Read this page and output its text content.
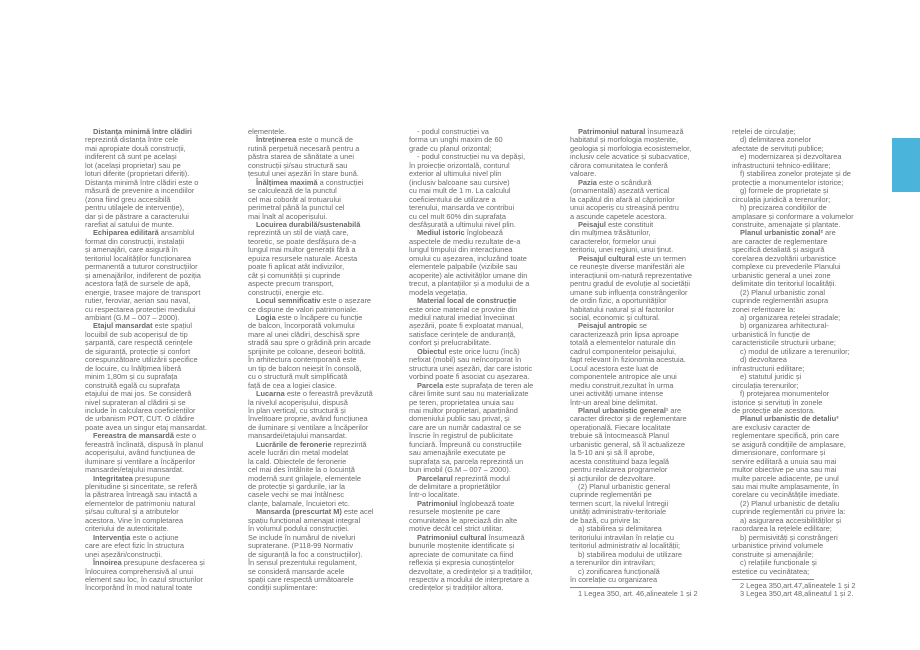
67
Distanța minimă între clădiri
reprezintă distanța între cele
mai apropiate două construcții,
indiferent că sunt pe același
lot (același proprietar) sau pe
loturi diferite (proprietari diferiți).
Distanța minimă între clădiri este o
măsură de prevenire a incendiilor
(zona fiind greu accesibilă
pentru utilajele de intervenție),
dar și de păstrare a caracterului
rarefiat al satului de munte.
Echiparea edilitară ansamblul
format din construcții, instalații
și amenajări, care asigură în
teritoriul localităților funcționarea
permanentă a tuturor construcțiilor
și amenajărilor, indiferent de poziția
acestora față de sursele de apă,
energie, trasee majore de transport
rutier, feroviar, aerian sau naval,
cu respectarea protecției mediului
ambiant (G.M – 007 – 2000).
Etajul mansardat este spațiul
locuibil de sub acoperișul de tip
șarpantă, care respectă cerințele
de siguranță, protecție și confort
corespunzătoare utilizării specifice
de locuire, cu înălțimea liberă
minim 1,80m și cu suprafața
construită egală cu suprafața
etajului de mai jos. Se consideră
nivel suprateran al clădirii și se
include în calcularea coeficienților
de urbanism POT, CUT. O clădire
poate avea un singur etaj mansardat.
Fereastra de mansardă este o
fereastră înclinată, dispusă în planul
acoperișului, având funcțiunea de
iluminare și ventilare a încăperilor
mansardei/etajului mansardat.
Integritatea presupune
plenitudine și sinceritate, se referă
la păstrarea întreagă sau intactă a
elementelor de patrimoniu natural
și/sau cultural și a atributelor
acestora. Vine în completarea
criteriului de autenticitate.
Intervenția este o acțiune
care are efect fizic în structura
unei așezări/construcții.
Înnoirea presupune desfacerea și
înlocuirea comprehensivă al unui
element sau loc, în cazul structurilor
încorporând în mod natural toate
elementele.
Întreținerea este o muncă de
rutină perpetuă necesară pentru a
păstra starea de sănătate a unei
construcții și/sau structură sau
țesutul unei așezări în stare bună.
Înălțimea maximă a construcției
se calculează de la punctul
cel mai coborât al trotuarului
perimetral până la punctul cel
mai înalt al acoperișului.
Locuirea durabilă/sustenabilă
reprezintă un stil de viață care,
teoretic, se poate desfășura de-a
lungul mai multor generații fără a
epuiza resursele naturale. Acesta
poate fi aplicat atât indivizilor,
cât și comunității și cuprinde
aspecte precum transport,
construcții, energie etc.
Locul semnificativ este o așezare
ce dispune de valori patrimoniale.
Logia este o încăpere cu funcție
de balcon, încorporată volumului
mare al unei clădiri, deschisă spre
stradă sau spre o grădină prin arcade
sprijinite pe coloane, deseori boltită.
În arhitectura contemporană este
un tip de balcon neieșit în consolă,
cu o structură mult simplificată
față de cea a logiei clasice.
Lucarna este o fereastră prevăzută
la nivelul acoperișului, dispusă
în plan vertical, cu structură și
învelitoare proprie, având funcțiunea
de iluminare și ventilare a încăperilor
mansardei/etajului mansardat.
Lucrările de feronerie reprezintă
acele lucrări din metal modelat
la cald. Obiectele de feronerie
cel mai des întâlnite la o locuință
modernă sunt grilajele, elementele
de protecție și gardurile, iar la
casele vechi se mai întâlnesc
clanțe, balamale, încuietori etc.
Mansarda (prescurtat M) este acel
spațiu funcțional amenajat integral
în volumul podului construcției.
Se include în numărul de niveluri
supraterane. (P118-99 Normativ
de siguranță la foc a construcțiilor).
În sensul prezentului regulament,
se consideră mansarde acele
spații care respectă următoarele
condiții suplimentare:
- podul construcției va
forma un unghi maxim de 60
grade cu planul orizontal;
- podul construcției nu va depăși,
în proiecție orizontală, conturul
exterior al ultimului nivel plin
(inclusiv balcoane sau cursive)
cu mai mult de 1 m. La calculul
coeficientului de utilizare a
terenului, mansarda ve contribui
cu cel mult 60% din suprafața
desfășurată a ultimului nivel plin.
Mediul istoric înglobează
aspectele de mediu rezultate de-a
lungul timpului din interacțiunea
omului cu așezarea, incluzând toate
elementele palpabile (vizibile sau
acoperite) ale activităților umane din
trecut, a plantațiilor și a modului de a
modela vegetația.
Material local de construcție
este orice material ce provine din
mediul natural imediat înveciinat
așezării, poate fi exploatat manual,
satisface cerințele de anduranță,
confort și prelucrabilitate.
Obiectul este orice lucru (încă)
nefixat (mobil) sau neîncorporat în
structura unei așezări, dar care istoric
vorbind poate fi asociat cu așezarea.
Parcela este suprafața de teren ale
cărei limite sunt sau nu materializate
pe teren, proprietatea unuia sau
mai multor proprietari, aparținând
domeniului public sau privat, și
care are un număr cadastral ce se
înscrie în registrul de publicitate
funciară. Împreună cu construcțiile
sau amenajările executate pe
suprafața sa, parcela reprezintă un
bun imobil (G.M – 007 – 2000).
Parcelarul reprezintă modul
de delimitare a proprietăților
într-o localitate.
Patrimoniul înglobează toate
resursele moștenite pe care
comunitatea le apreciază din alte
motive decât cel strict utilitar.
Patrimoniul cultural însumează
bunurile moștenite identificate și
apreciate de comunitate ca fiind
reflexia și expresia cunoștințelor
dezvoltate, a credințelor și a tradițiilor,
respectiv a modului de interpretare a
credințelor și tradițiilor altora.
Patrimoniul natural însumează
habitatul și morfologia moștenite,
geologia și morfologia ecosistemelor,
inclusiv cele acvatice și subacvatice,
cărora comunitatea le conferă
valoare.
Pazia este o scândură
(ornamentală) așezată vertical
la capătul din afară al căpriorilor
unui acoperiș cu streașină pentru
a ascunde capetele acestora.
Peisajul este constituit
din mulțimea trăsăturilor,
caracterelor, formelor unui
teritoriu, unei regiuni, unui ținut.
Peisajul cultural este un termen
ce reunește diverse manifestări ale
interacțiunii om-natură reprezentative
pentru gradul de evoluție al societății
umane sub influența constrângerilor
de ordin fizic, a oportunităților
habitatului natural și al factorilor
social, economic și cultural.
Peisajul antropic se
caracterizează prin lipsa aproape
totală a elementelor naturale din
cadrul componentelor peisajului,
fapt relevant în fizionomia acestuia.
Locul acestora este luat de
componentele antropice ale unui
mediu construit,rezultat în urma
unei activități umane intense
într-un areal bine delimitat.
Planul urbanistic general¹ are
caracter director și de reglementare
operațională. Fiecare localitate
trebuie să întocmească Planul
urbanistic general, să îl actualizeze
la 5-10 ani și să îl aprobe,
acesta constituind baza legală
pentru realizarea programelor
și acțiunilor de dezvoltare.
(2) Planul urbanistic general
cuprinde reglementări pe
termen scurt, la nivelul întregii
unități administrativ-teritoriale
de bază, cu privire la:
a) stabilirea și delimitarea
teritoriului intravilan în relație cu
teritoriul administrativ al localității;
b) stabilirea modului de utilizare
a terenurilor din intravilan;
c) zonificarea funcțională
în corelație cu organizarea
1 Legea 350, art. 46,alineatele 1 și 2
rețelei de circulație;
d) delimitarea zonelor
afectate de servituți publice;
e) modernizarea și dezvoltarea
infrastructurii tehnico-edilitare;
f) stabilirea zonelor protejate și de
protecție a monumentelor istorice;
g) formele de proprietate și
circulația juridică a terenurilor;
h) precizarea condițiilor de
amplasare și conformare a volumelor
construite, amenajate și plantate.
Planul urbanistic zonal² are
are caracter de reglementare
specifică detaliată și asigură
corelarea dezvoltării urbanistice
complexe cu prevederile Planului
urbanistic general a unei zone
delimitate din teritoriul localității.
(2) Planul urbanistic zonal
cuprinde reglementări asupra
zonei referitoare la:
a) organizarea rețelei stradale;
b) organizarea arhitectural-
urbanistică în funcție de
caracteristicile structurii urbane;
c) modul de utilizare a terenurilor;
d) dezvoltarea
infrastructurii edilitare;
e) statutul juridic și
circulația terenurilor;
f) protejarea monumentelor
istorice și servituți în zonele
de protecție ale acestora.
Planul urbanistic de detaliu³
are exclusiv caracter de
reglementare specifică, prin care
se asigură condițiile de amplasare,
dimensionare, conformare și
servire edilitară a unuia sau mai
multor obiective pe una sau mai
multe parcele adiacente, pe unul
sau mai multe amplasamente, în
corelare cu vecinătățile imediate.
(2) Planul urbanistic de detaliu
cuprinde reglementări cu privire la:
a) asigurarea accesibilităților și
racordarea la rețelele edilitare;
b) permisivități și constrângeri
urbanistice privind volumele
construite și amenajările;
c) relațiile funcționale și
estetice cu vecinătatea;
2 Legea 350,art.47,alineatele 1 și 2
3 Legea 350,art 48,alineatul 1 și 2.
